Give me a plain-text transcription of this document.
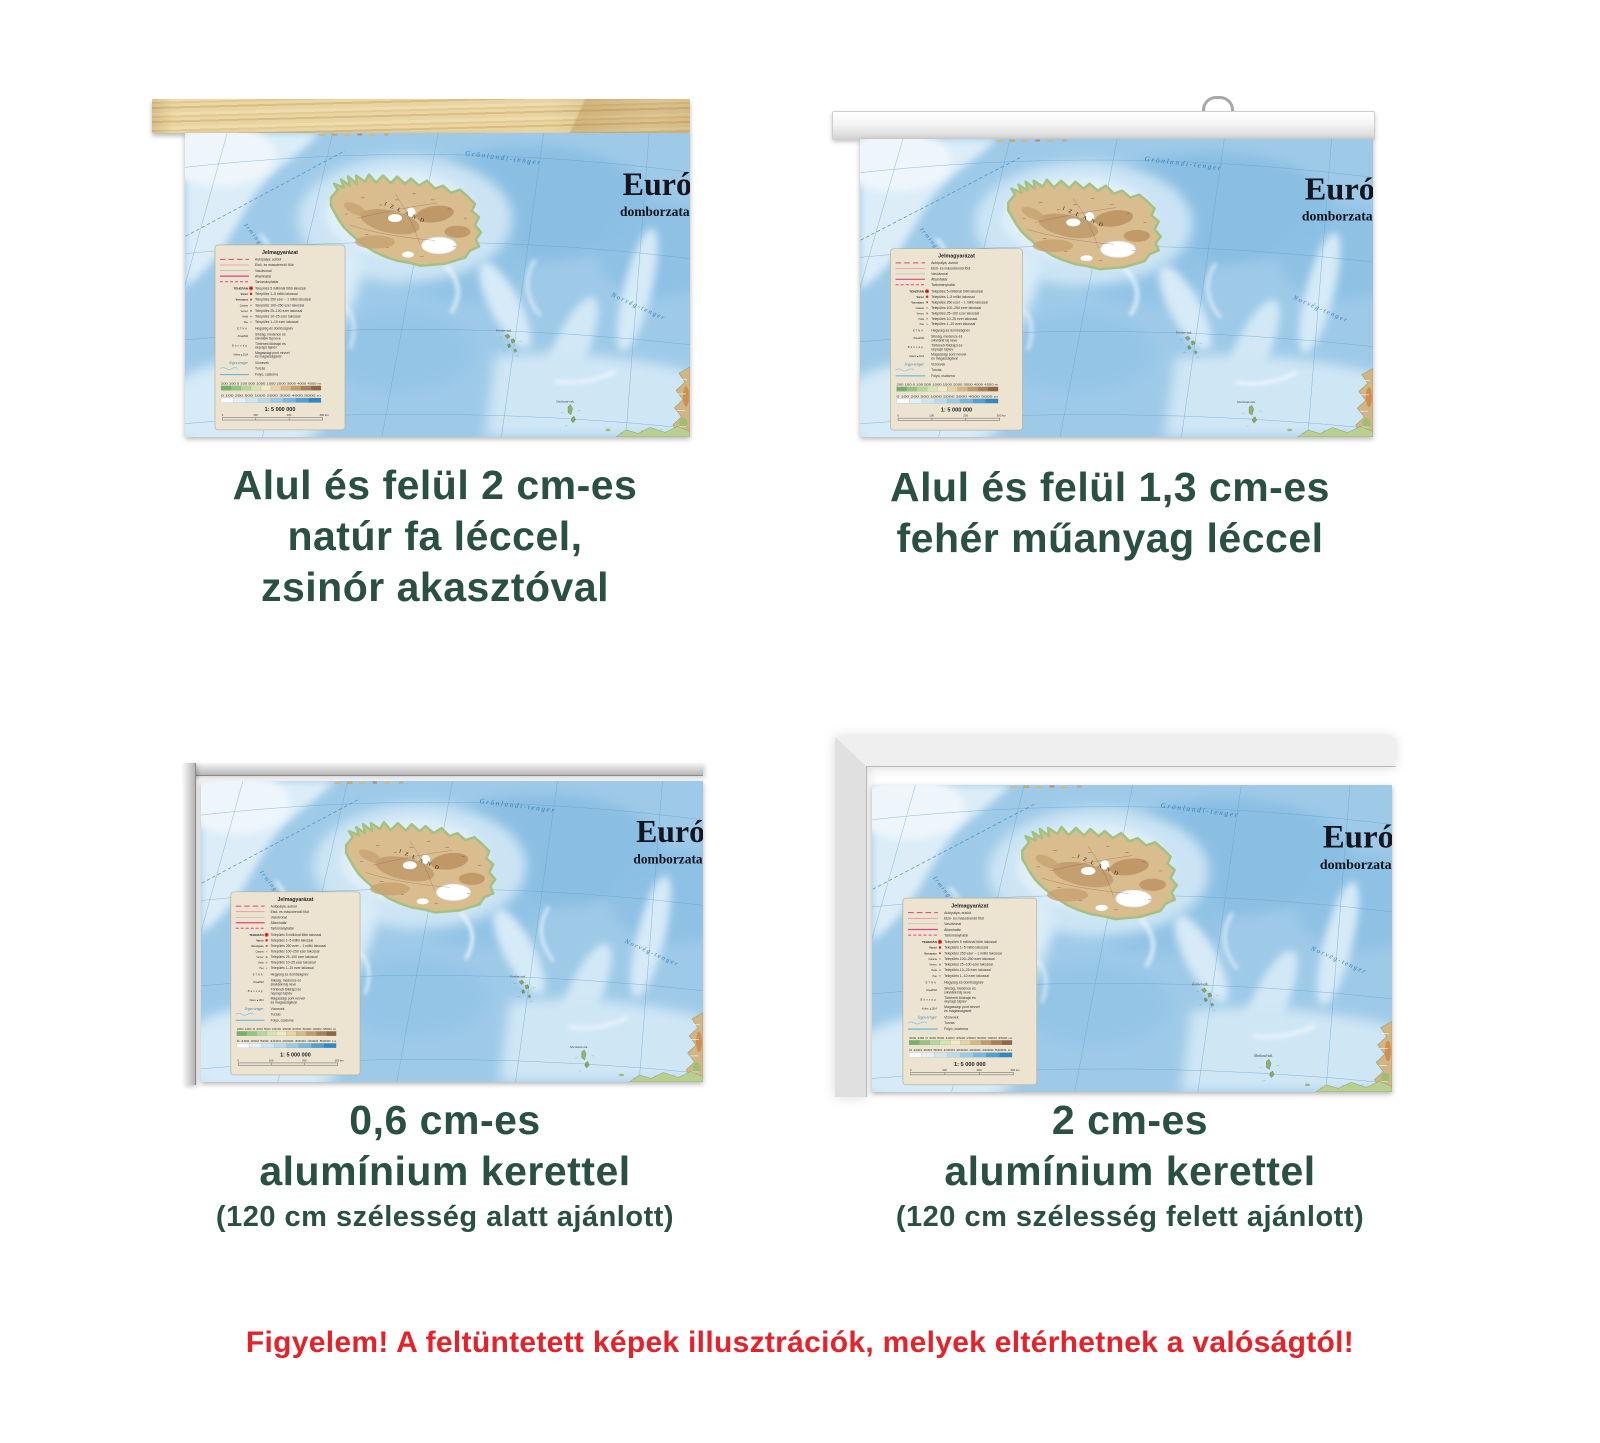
Alul és felül 2 cm-es
natúr fa léccel,
zsinór akasztóval
Alul és felül 1,3 cm-es
fehér műanyag léccel
0,6 cm-es
alumínium kerettel
(120 cm szélesség alatt ajánlott)
2 cm-es
alumínium kerettel
(120 cm szélesség felett ajánlott)
Figyelem! A feltüntetett képek illusztrációk, melyek eltérhetnek a valóságtól!
